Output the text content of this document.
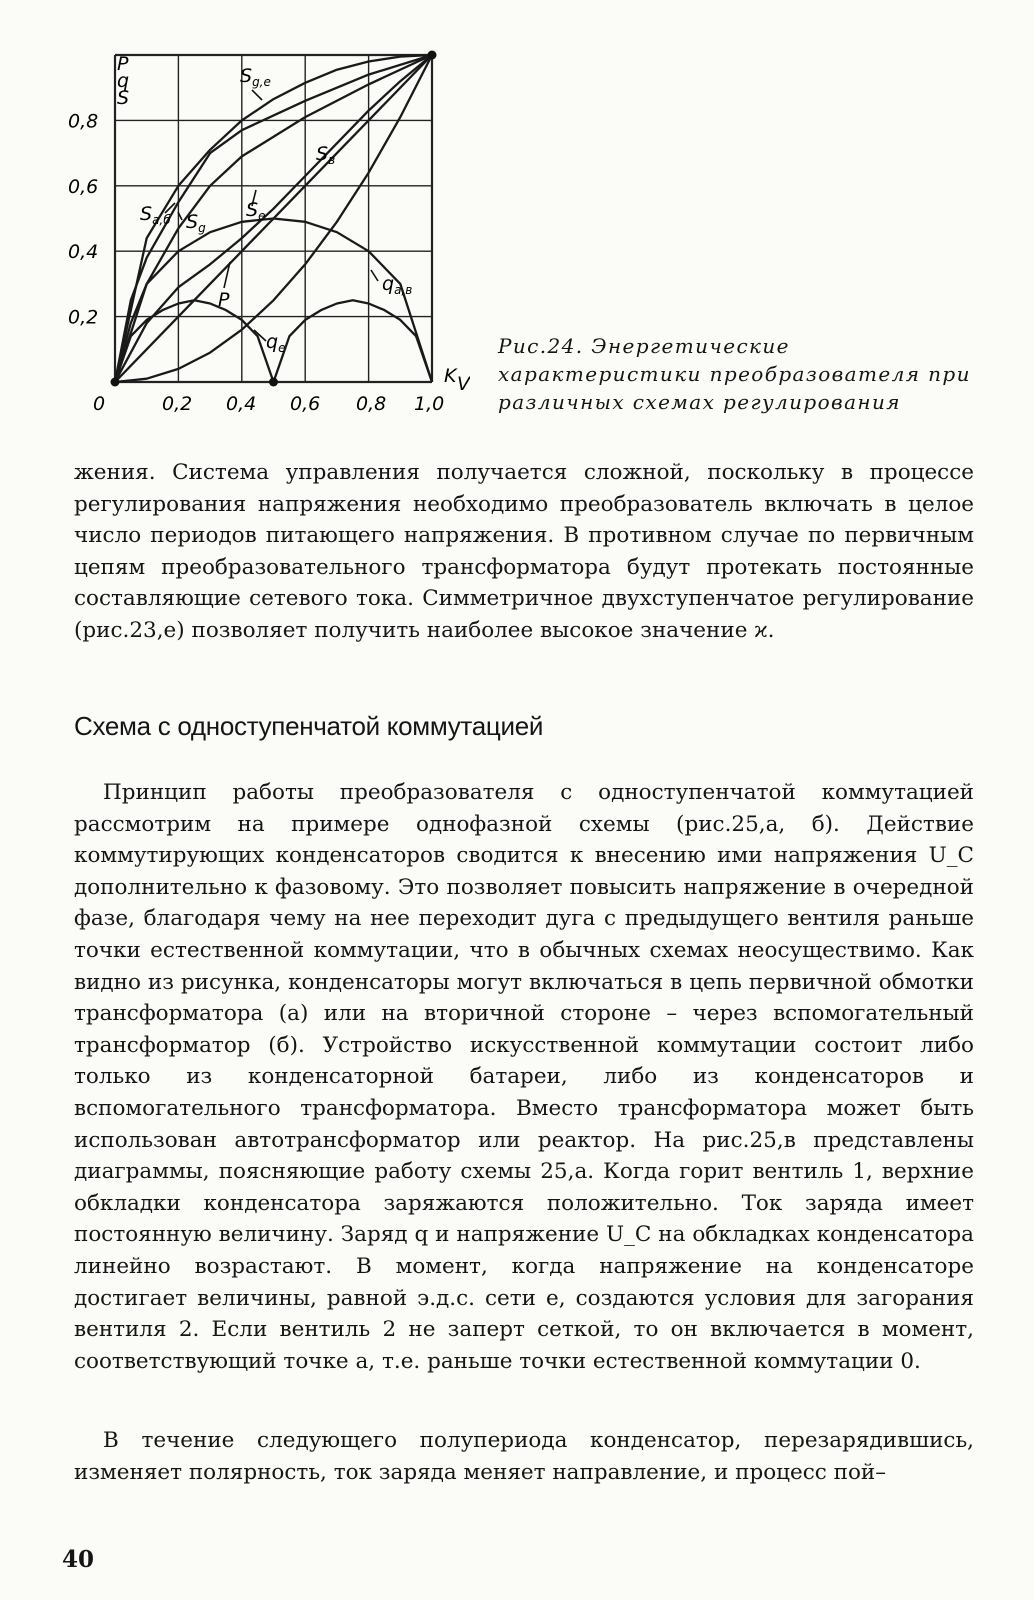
0,2
0,4
0,6
0,8
0	0,2 0,4 0,6 0,8 1,0
P
q
S
K V
$S_{g,e}$
$S_в$
$S_{a,б}$ $S_g$
$S_e$
$q_{a,в}$
P
$q_e$	Рис.24. Энергетические характеристики преобразователя при различных схемах регулирования

жения. Система управления получается сложной, поскольку в процессе регулирования напряжения необходимо преобразователь включать в целое число периодов питающего напряжения. В противном случае по первичным цепям преобразовательного трансформатора будут протекать постоянные составляющие сетевого тока. Симметричное двухступенчатое регулирование (рис.23,е) позволяет получить наиболее высокое значение ϰ.

Схема с одноступенчатой коммутацией

Принцип работы преобразователя с одноступенчатой коммутацией рассмотрим на примере однофазной схемы (рис.25,а, б). Действие коммутирующих конденсаторов сводится к внесению ими напряжения U_C дополнительно к фазовому. Это позволяет повысить напряжение в очередной фазе, благодаря чему на нее переходит дуга с предыдущего вентиля раньше точки естественной коммутации, что в обычных схемах неосуществимо. Как видно из рисунка, конденсаторы могут включаться в цепь первичной обмотки трансформатора (а) или на вторичной стороне – через вспомогательный трансформатор (б). Устройство искусственной коммутации состоит либо только из конденсаторной батареи, либо из конденсаторов и вспомогательного трансформатора. Вместо трансформатора может быть использован автотрансформатор или реактор. На рис.25,в представлены диаграммы, поясняющие работу схемы 25,а. Когда горит вентиль 1, верхние обкладки конденсатора заряжаются положительно. Ток заряда имеет постоянную величину. Заряд q и напряжение U_C на обкладках конденсатора линейно возрастают. В момент, когда напряжение на конденсаторе достигает величины, равной э.д.с. сети е, создаются условия для загорания вентиля 2. Если вентиль 2 не заперт сеткой, то он включается в момент, соответствующий точке а, т.е. раньше точки естественной коммутации 0.

В течение следующего полупериода конденсатор, перезарядившись, изменяет полярность, ток заряда меняет направление, и процесс пой–

40
